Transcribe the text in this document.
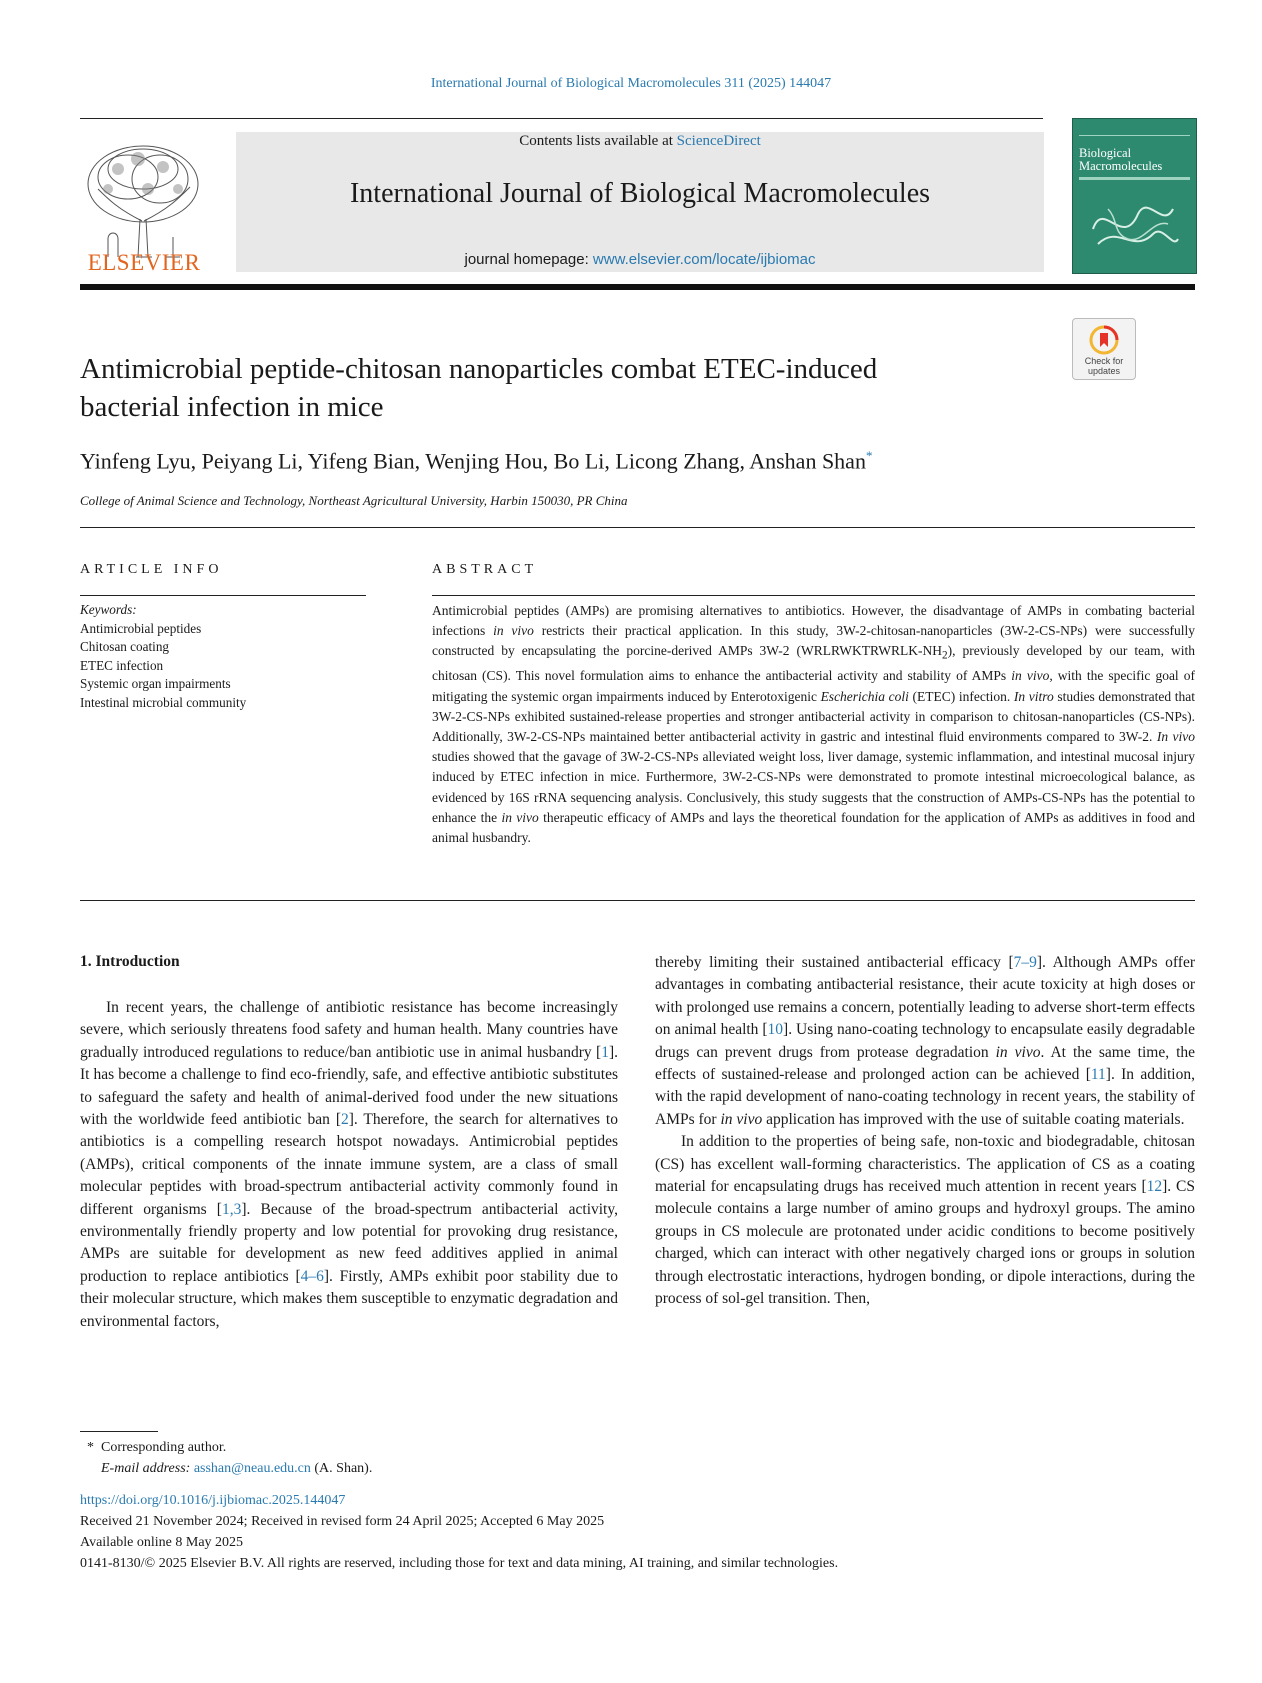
International Journal of Biological Macromolecules 311 (2025) 144047
ELSEVIER
Contents lists available at ScienceDirect
International Journal of Biological Macromolecules
journal homepage: www.elsevier.com/locate/ijbiomac
Biological
Macromolecules
Check for
updates
Antimicrobial peptide-chitosan nanoparticles combat ETEC-induced
bacterial infection in mice
Yinfeng Lyu, Peiyang Li, Yifeng Bian, Wenjing Hou, Bo Li, Licong Zhang, Anshan Shan*
College of Animal Science and Technology, Northeast Agricultural University, Harbin 150030, PR China
ARTICLE INFO	ABSTRACT
Keywords:
Antimicrobial peptides
Chitosan coating
ETEC infection
Systemic organ impairments
Intestinal microbial community
Antimicrobial peptides (AMPs) are promising alternatives to antibiotics. However, the disadvantage of AMPs in combating bacterial infections in vivo restricts their practical application. In this study, 3W-2-chitosan-nanoparticles (3W-2-CS-NPs) were successfully constructed by encapsulating the porcine-derived AMPs 3W-2 $(WRLRWKTRWRLK-NH_2)$, previously developed by our team, with chitosan (CS). This novel formulation aims to enhance the antibacterial activity and stability of AMPs in vivo, with the specific goal of mitigating the systemic organ impairments induced by Enterotoxigenic Escherichia coli (ETEC) infection. In vitro studies demonstrated that 3W-2-CS-NPs exhibited sustained-release properties and stronger antibacterial activity in comparison to chitosan-nanoparticles (CS-NPs). Additionally, 3W-2-CS-NPs maintained better antibacterial activity in gastric and intestinal fluid environments compared to 3W-2. In vivo studies showed that the gavage of 3W-2-CS-NPs alleviated weight loss, liver damage, systemic inflammation, and intestinal mucosal injury induced by ETEC infection in mice. Furthermore, 3W-2-CS-NPs were demonstrated to promote intestinal microecological balance, as evidenced by 16S rRNA sequencing analysis. Conclusively, this study suggests that the construction of AMPs-CS-NPs has the potential to enhance the in vivo therapeutic efficacy of AMPs and lays the theoretical foundation for the application of AMPs as additives in food and animal husbandry.
1. Introduction

In recent years, the challenge of antibiotic resistance has become increasingly severe, which seriously threatens food safety and human health. Many countries have gradually introduced regulations to reduce/ban antibiotic use in animal husbandry [1]. It has become a challenge to find eco-friendly, safe, and effective antibiotic substitutes to safeguard the safety and health of animal-derived food under the new situations with the worldwide feed antibiotic ban [2]. Therefore, the search for alternatives to antibiotics is a compelling research hotspot nowadays. Antimicrobial peptides (AMPs), critical components of the innate immune system, are a class of small molecular peptides with broad-spectrum antibacterial activity commonly found in different organisms [1,3]. Because of the broad-spectrum antibacterial activity, environmentally friendly property and low potential for provoking drug resistance, AMPs are suitable for development as new feed additives applied in animal production to replace antibiotics [4–6]. Firstly, AMPs exhibit poor stability due to their molecular structure, which makes them susceptible to enzymatic degradation and environmental factors,

thereby limiting their sustained antibacterial efficacy [7–9]. Although AMPs offer advantages in combating antibacterial resistance, their acute toxicity at high doses or with prolonged use remains a concern, potentially leading to adverse short-term effects on animal health [10]. Using nano-coating technology to encapsulate easily degradable drugs can prevent drugs from protease degradation in vivo. At the same time, the effects of sustained-release and prolonged action can be achieved [11]. In addition, with the rapid development of nano-coating technology in recent years, the stability of AMPs for in vivo application has improved with the use of suitable coating materials.

In addition to the properties of being safe, non-toxic and biodegradable, chitosan (CS) has excellent wall-forming characteristics. The application of CS as a coating material for encapsulating drugs has received much attention in recent years [12]. CS molecule contains a large number of amino groups and hydroxyl groups. The amino groups in CS molecule are protonated under acidic conditions to become positively charged, which can interact with other negatively charged ions or groups in solution through electrostatic interactions, hydrogen bonding, or dipole interactions, during the process of sol-gel transition. Then,

* Corresponding author.
E-mail address: asshan@neau.edu.cn (A. Shan).
https://doi.org/10.1016/j.ijbiomac.2025.144047
Received 21 November 2024; Received in revised form 24 April 2025; Accepted 6 May 2025
Available online 8 May 2025
0141-8130/© 2025 Elsevier B.V. All rights are reserved, including those for text and data mining, AI training, and similar technologies.
